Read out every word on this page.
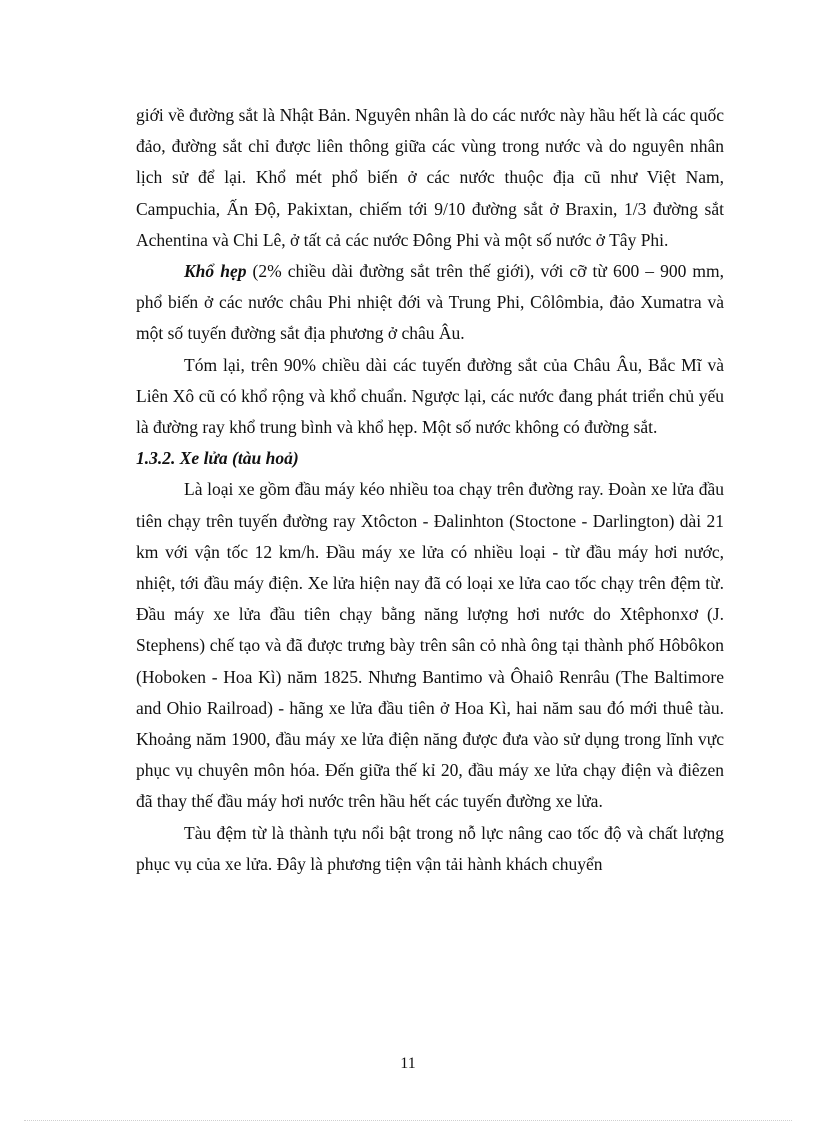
giới về đường sắt là Nhật Bản. Nguyên nhân là do các nước này hầu hết là các quốc đảo, đường sắt chỉ được liên thông giữa các vùng trong nước và do nguyên nhân lịch sử để lại. Khổ mét phổ biến ở các nước thuộc địa cũ như Việt Nam, Campuchia, Ấn Độ, Pakixtan, chiếm tới 9/10 đường sắt ở Braxin, 1/3 đường sắt Achentina và Chi Lê, ở tất cả các nước Đông Phi và một số nước ở Tây Phi.

Khổ hẹp (2% chiều dài đường sắt trên thế giới), với cỡ từ 600 – 900 mm, phổ biến ở các nước châu Phi nhiệt đới và Trung Phi, Côlômbia, đảo Xumatra và một số tuyến đường sắt địa phương ở châu Âu.

Tóm lại, trên 90% chiều dài các tuyến đường sắt của Châu Âu, Bắc Mĩ và Liên Xô cũ có khổ rộng và khổ chuẩn. Ngược lại, các nước đang phát triển chủ yếu là đường ray khổ trung bình và khổ hẹp. Một số nước không có đường sắt.

1.3.2. Xe lửa (tàu hoả)

Là loại xe gồm đầu máy kéo nhiều toa chạy trên đường ray. Đoàn xe lửa đầu tiên chạy trên tuyến đường ray Xtôcton - Đalinhton (Stoctone - Darlington) dài 21 km với vận tốc 12 km/h. Đầu máy xe lửa có nhiều loại - từ đầu máy hơi nước, nhiệt, tới đầu máy điện. Xe lửa hiện nay đã có loại xe lửa cao tốc chạy trên đệm từ. Đầu máy xe lửa đầu tiên chạy bằng năng lượng hơi nước do Xtêphonxơ (J. Stephens) chế tạo và đã được trưng bày trên sân cỏ nhà ông tại thành phố Hôbôkon (Hoboken - Hoa Kì) năm 1825. Nhưng Bantimo và Ôhaiô Renrâu (The Baltimore and Ohio Railroad) - hãng xe lửa đầu tiên ở Hoa Kì, hai năm sau đó mới thuê tàu. Khoảng năm 1900, đầu máy xe lửa điện năng được đưa vào sử dụng trong lĩnh vực phục vụ chuyên môn hóa. Đến giữa thế kỉ 20, đầu máy xe lửa chạy điện và điêzen đã thay thế đầu máy hơi nước trên hầu hết các tuyến đường xe lửa.

Tàu đệm từ là thành tựu nổi bật trong nỗ lực nâng cao tốc độ và chất lượng phục vụ của xe lửa. Đây là phương tiện vận tải hành khách chuyển

11
